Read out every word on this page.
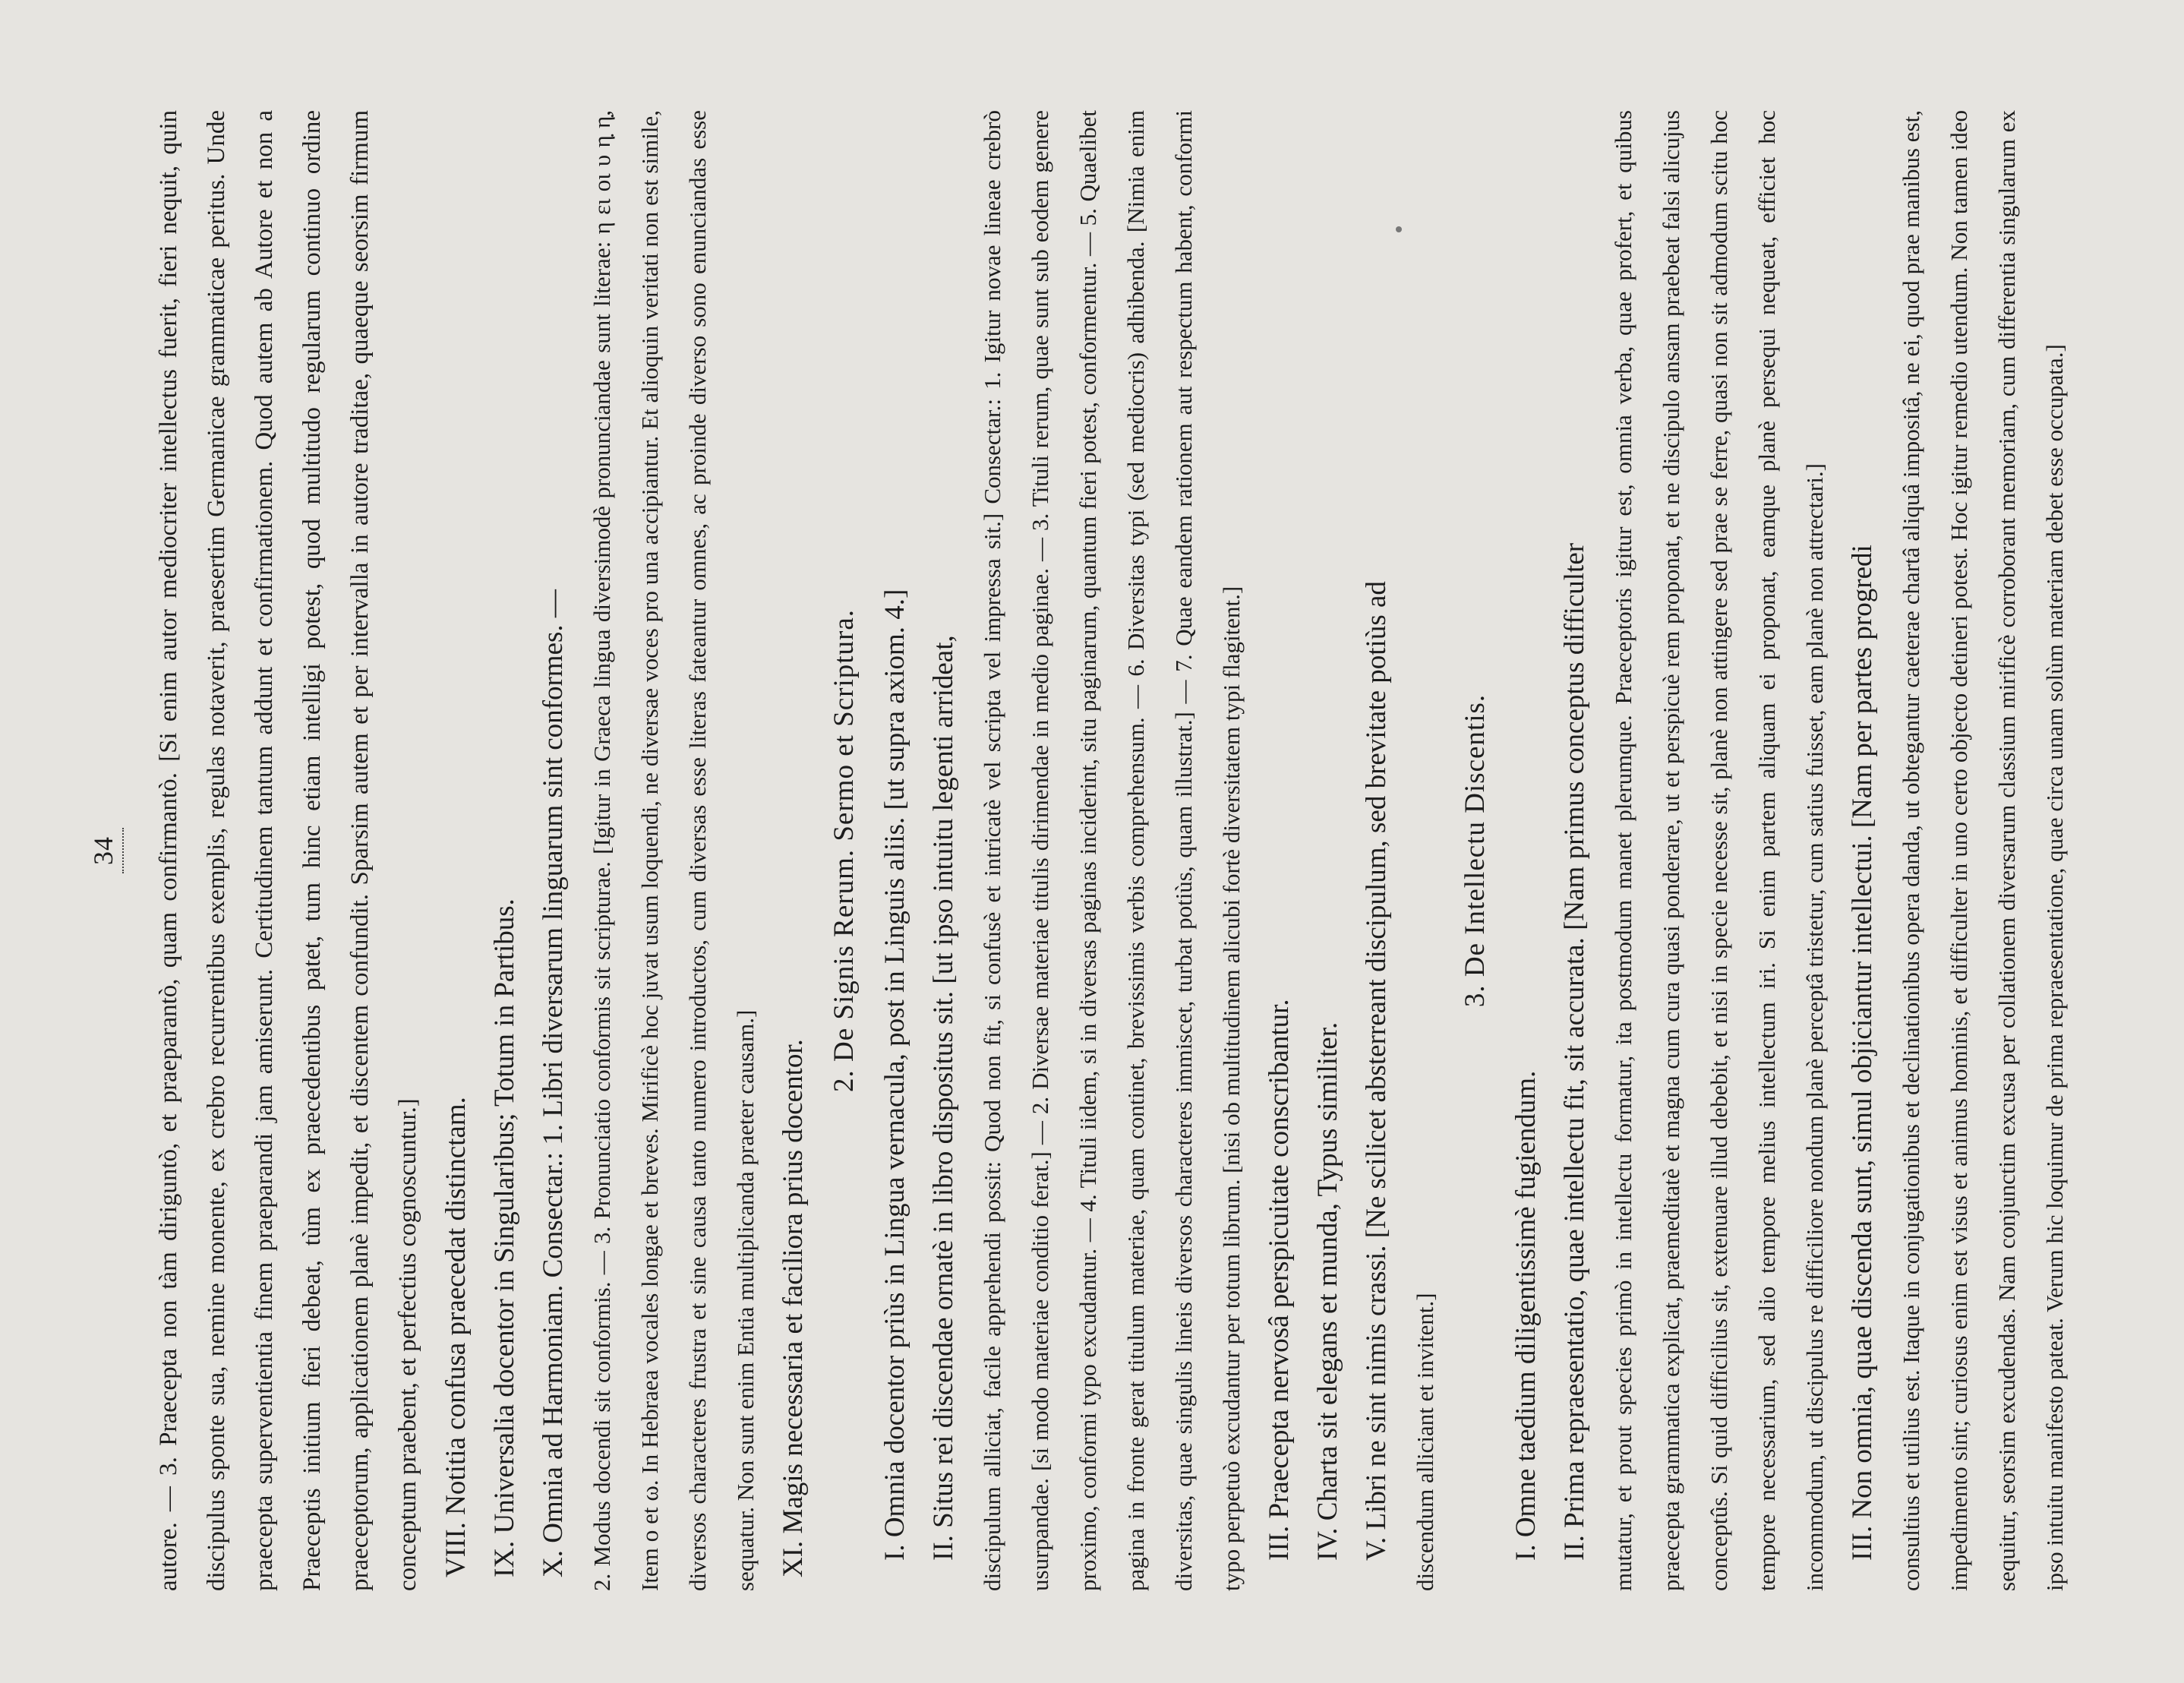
34	autore. — 3. Praecepta non tàm diriguntò, et praeparantò, quam confirmantò. [Si enim autor mediocriter intellectus fuerit, fieri nequit, quin discipulus sponte sua, nemine monente, ex crebro recurrentibus exemplis, regulas notaverit, praesertim Germanicae grammaticae peritus. Unde praecepta superventientia finem praeparandi jam amiserunt. Certitudinem tantum addunt et confirmationem. Quod autem ab Autore et non a Praeceptis initium fieri debeat, tùm ex praecedentibus patet, tum hinc etiam intelligi potest, quod multitudo regularum continuo ordine praeceptorum, applicationem planè impedit, et discentem confundit. Sparsim autem et per intervalla in autore traditae, quaeque seorsim firmum conceptum praebent, et perfectius cognoscuntur.] VIII. Notitia confusa praecedat distinctam. IX. Universalia docentor in Singularibus; Totum in Partibus. X. Omnia ad Harmoniam. Consectar.: 1. Libri diversarum linguarum sint conformes. — 2. Modus docendi sit conformis. — 3. Pronunciatio conformis sit scripturae. [Igitur in Graeca lingua diversimodè pronunciandae sunt literae: η ει οι υ η̣ η̣, Item ο et ω. In Hebraea vocales longae et breves. Mirificè hoc juvat usum loquendi, ne diversae voces pro una accipiantur. Et alioquin veritati non est simile, diversos characteres frustra et sine causa tanto numero introductos, cum diversas esse literas fateantur omnes, ac proinde diverso sono enunciandas esse sequatur. Non sunt enim Entia multiplicanda praeter causam.] XI. Magis necessaria et faciliora prius docentor.

2. De Signis Rerum. Sermo et Scriptura. I. Omnia docentor priùs in Lingua vernacula, post in Linguis aliis. [ut supra axiom. 4.] II. Situs rei discendae ornatè in libro dispositus sit. [ut ipso intuitu legenti arrideat, discipulum alliciat, facile apprehendi possit: Quod non fit, si confusè et intricatè vel scripta vel impressa sit.] Consectar.: 1. Igitur novae lineae crebrò usurpandae. [si modo materiae conditio ferat.] — 2. Diversae materiae titulis dirimendae in medio paginae. — 3. Tituli rerum, quae sunt sub eodem genere proximo, conformi typo excudantur. — 4. Tituli iidem, si in diversas paginas inciderint, situ paginarum, quantum fieri potest, conformentur. — 5. Quaelibet pagina in fronte gerat titulum materiae, quam continet, brevissimis verbis comprehensum. — 6. Diversitas typi (sed mediocris) adhibenda. [Nimia enim diversitas, quae singulis lineis diversos characteres immiscet, turbat potiùs, quam illustrat.] — 7. Quae eandem rationem aut respectum habent, conformi typo perpetuò excudantur per totum librum. [nisi ob multitudinem alicubi fortè diversitatem typi flagitent.] III. Praecepta nervosâ perspicuitate conscribantur. IV. Charta sit elegans et munda, Typus similiter. V. Libri ne sint nimis crassi. [Ne scilicet absterreant discipulum, sed brevitate potiùs ad discendum alliciant et invitent.]

3. De Intellectu Discentis.

I. Omne taedium diligentissimè fugiendum. II. Prima repraesentatio, quae intellectu fit, sit accurata. [Nam primus conceptus difficulter mutatur, et prout species primò in intellectu formatur, ita postmodum manet plerumque. Praeceptoris igitur est, omnia verba, quae profert, et quibus praecepta grammatica explicat, praemeditatè et magna cum cura quasi ponderare, ut et perspicuè rem proponat, et ne discipulo ansam praebeat falsi alicujus conceptûs. Si quid difficilius sit, extenuare illud debebit, et nisi in specie necesse sit, planè non attingere sed prae se ferre, quasi non sit admodum scitu hoc tempore necessarium, sed alio tempore melius intellectum iri. Si enim partem aliquam ei proponat, eamque planè persequi nequeat, efficiet hoc incommodum, ut discipulus re difficiliore nondum planè perceptâ tristetur, cum satius fuisset, eam planè non attrectari.] III. Non omnia, quae discenda sunt, simul objiciantur intellectui. [Nam per partes progredi consultius et utilius est. Itaque in conjugationibus et declinationibus opera danda, ut obtegantur caeterae chartâ aliquâ impositâ, ne ei, quod prae manibus est, impedimento sint; curiosus enim est visus et animus hominis, et difficulter in uno certo objecto detineri potest. Hoc igitur remedio utendum. Non tamen ideo sequitur, seorsim excudendas. Nam conjunctim excusa per collationem diversarum classium mirificè corroborant memoriam, cum differentia singularum ex ipso intuitu manifesto pateat. Verum hic loquimur de prima repraesentatione, quae circa unam solùm materiam debet esse occupata.]
